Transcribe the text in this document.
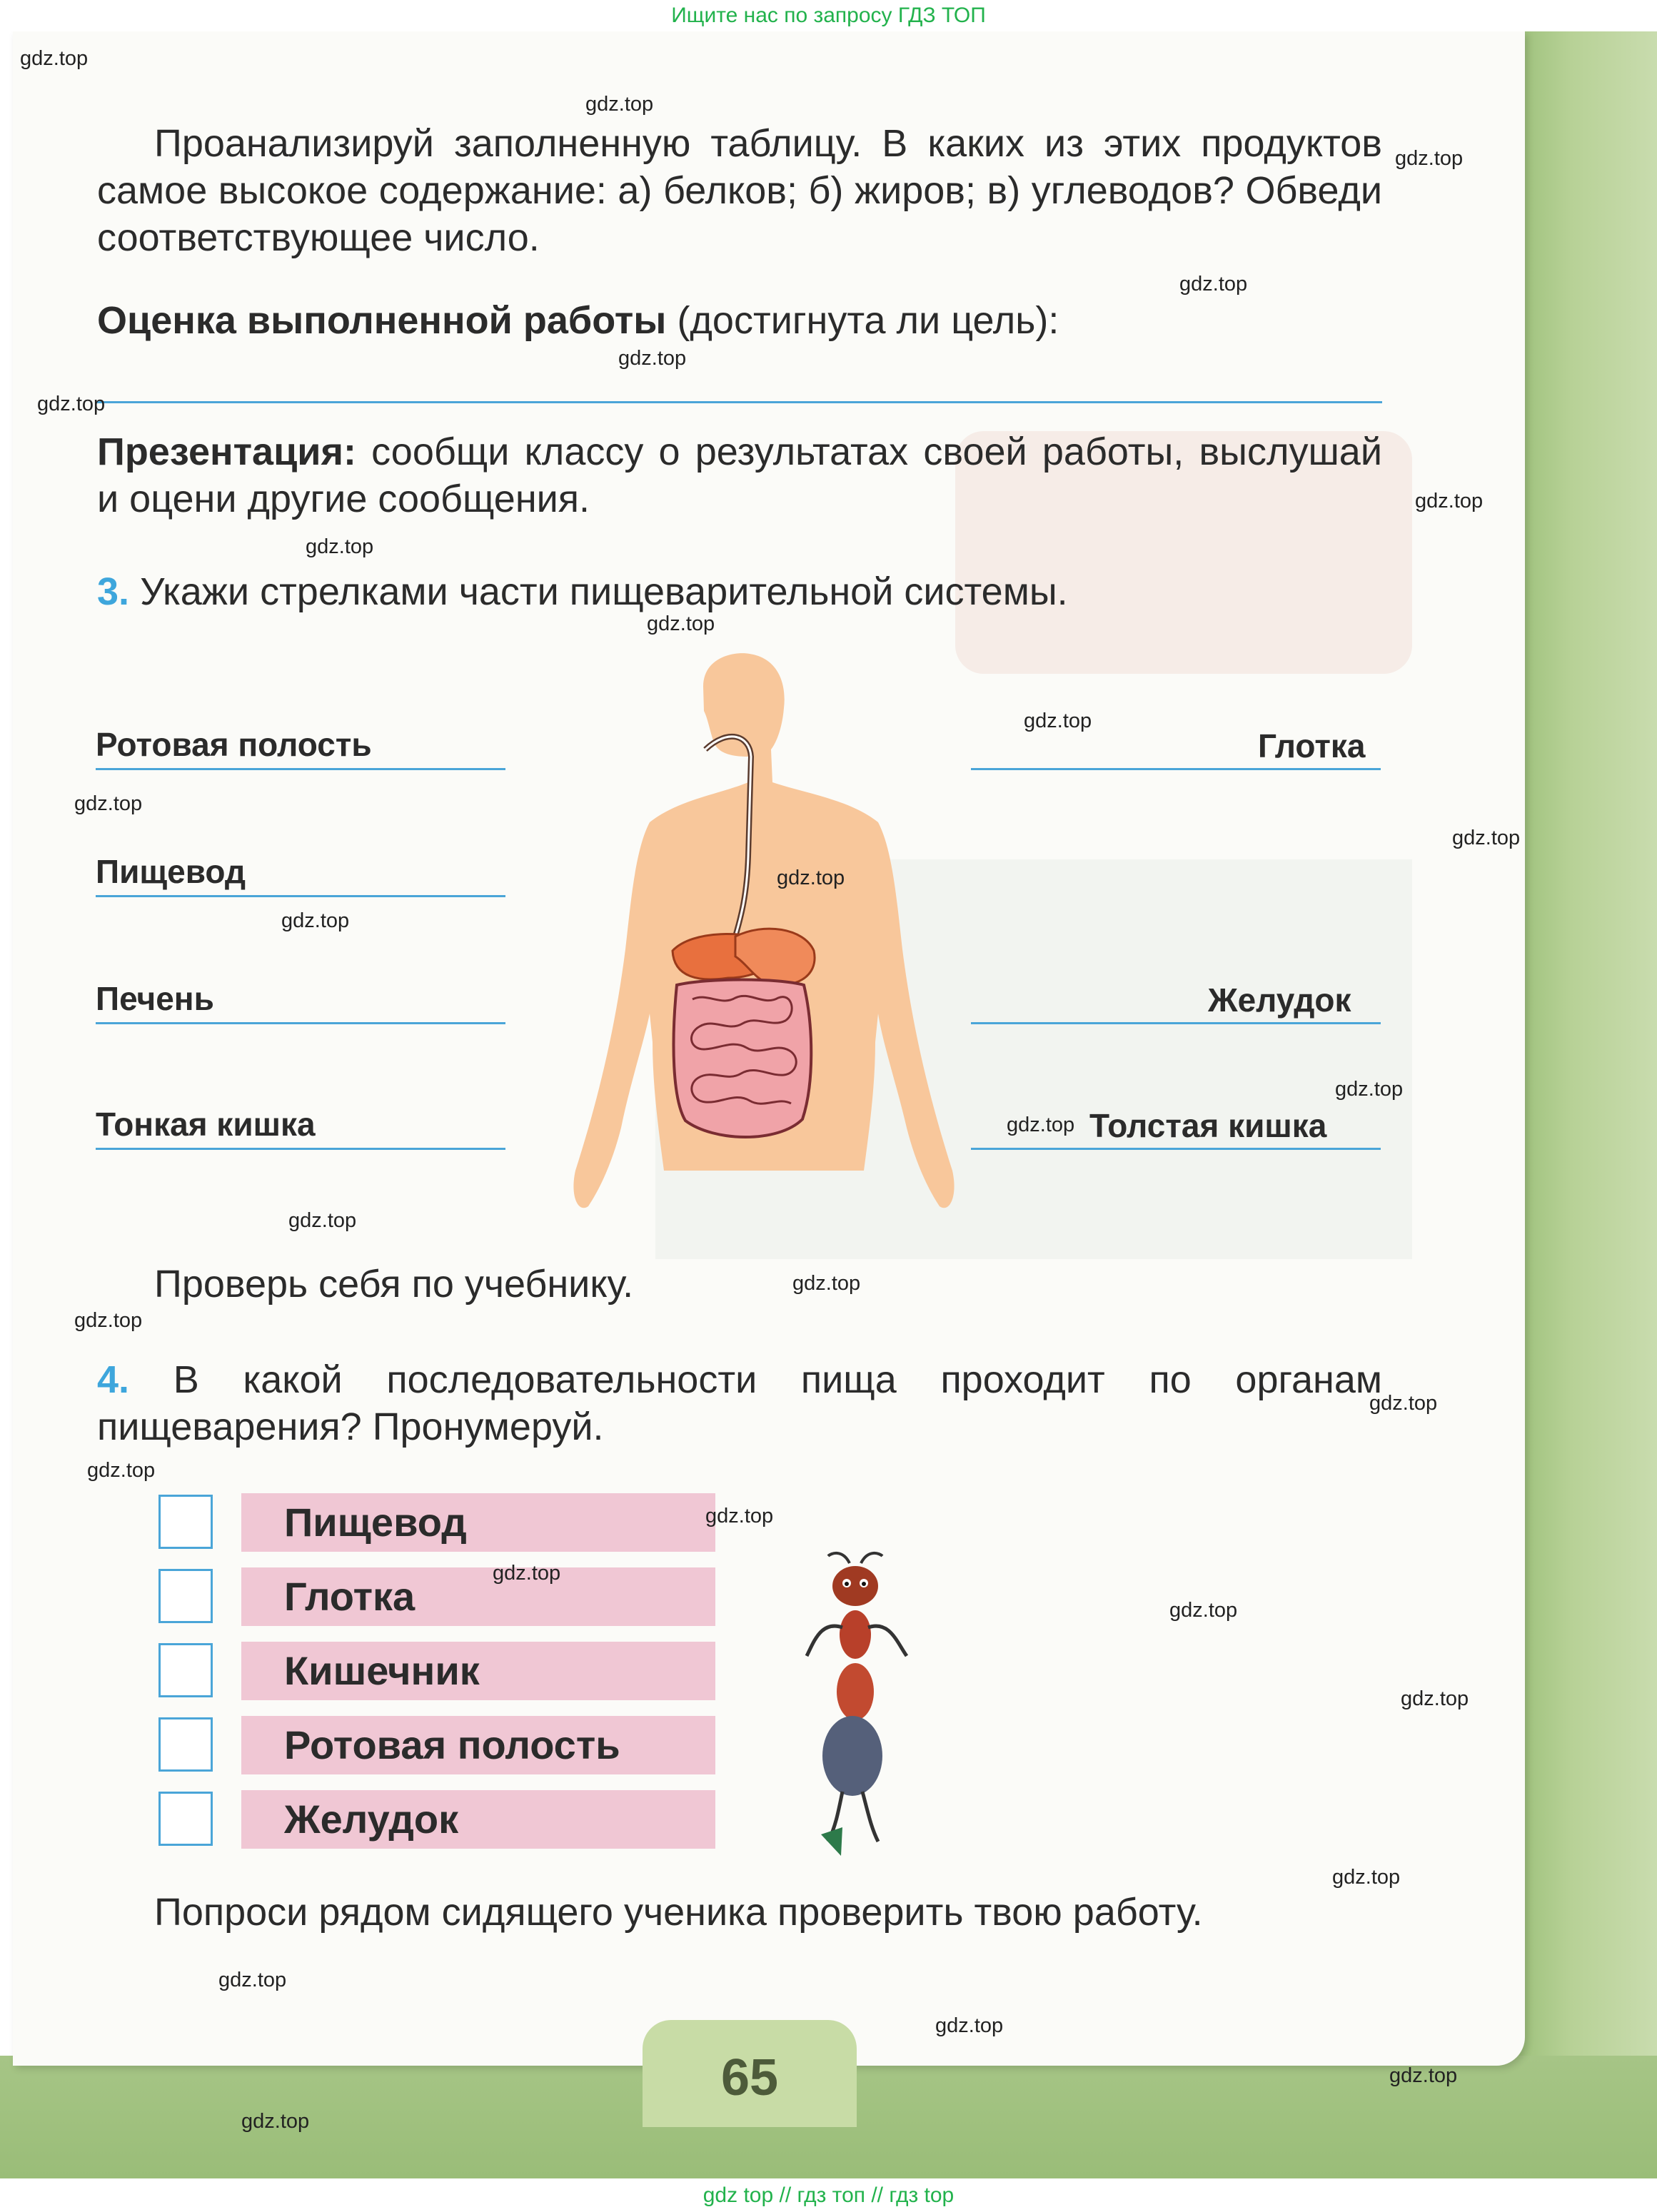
65
Ищите нас по запросу ГДЗ ТОП
gdz top // гдз топ // гдз top
Проанализируй заполненную таблицу. В каких из этих продуктов самое высокое содержание: а) белков; б) жиров; в) углеводов? Обведи соответствующее число.
Оценка выполненной работы (достигнута ли цель):
Презентация: сообщи классу о результатах своей работы, выслушай и оцени другие сообщения.
3. Укажи стрелками части пищеварительной системы.
Ротовая полость
Пищевод
Печень
Тонкая кишка
Глотка
Желудок
Толстая кишка
Проверь себя по учебнику.
4. В какой последовательности пища проходит по органам пищеварения? Пронумеруй.
Пищевод
Глотка
Кишечник
Ротовая полость
Желудок
Попроси рядом сидящего ученика проверить твою работу.
gdz.top
gdz.top
gdz.top
gdz.top
gdz.top
gdz.top
gdz.top
gdz.top
gdz.top
gdz.top
gdz.top
gdz.top
gdz.top
gdz.top
gdz.top
gdz.top
gdz.top
gdz.top
gdz.top
gdz.top
gdz.top
gdz.top
gdz.top
gdz.top
gdz.top
gdz.top
gdz.top
gdz.top
gdz.top
gdz.top
